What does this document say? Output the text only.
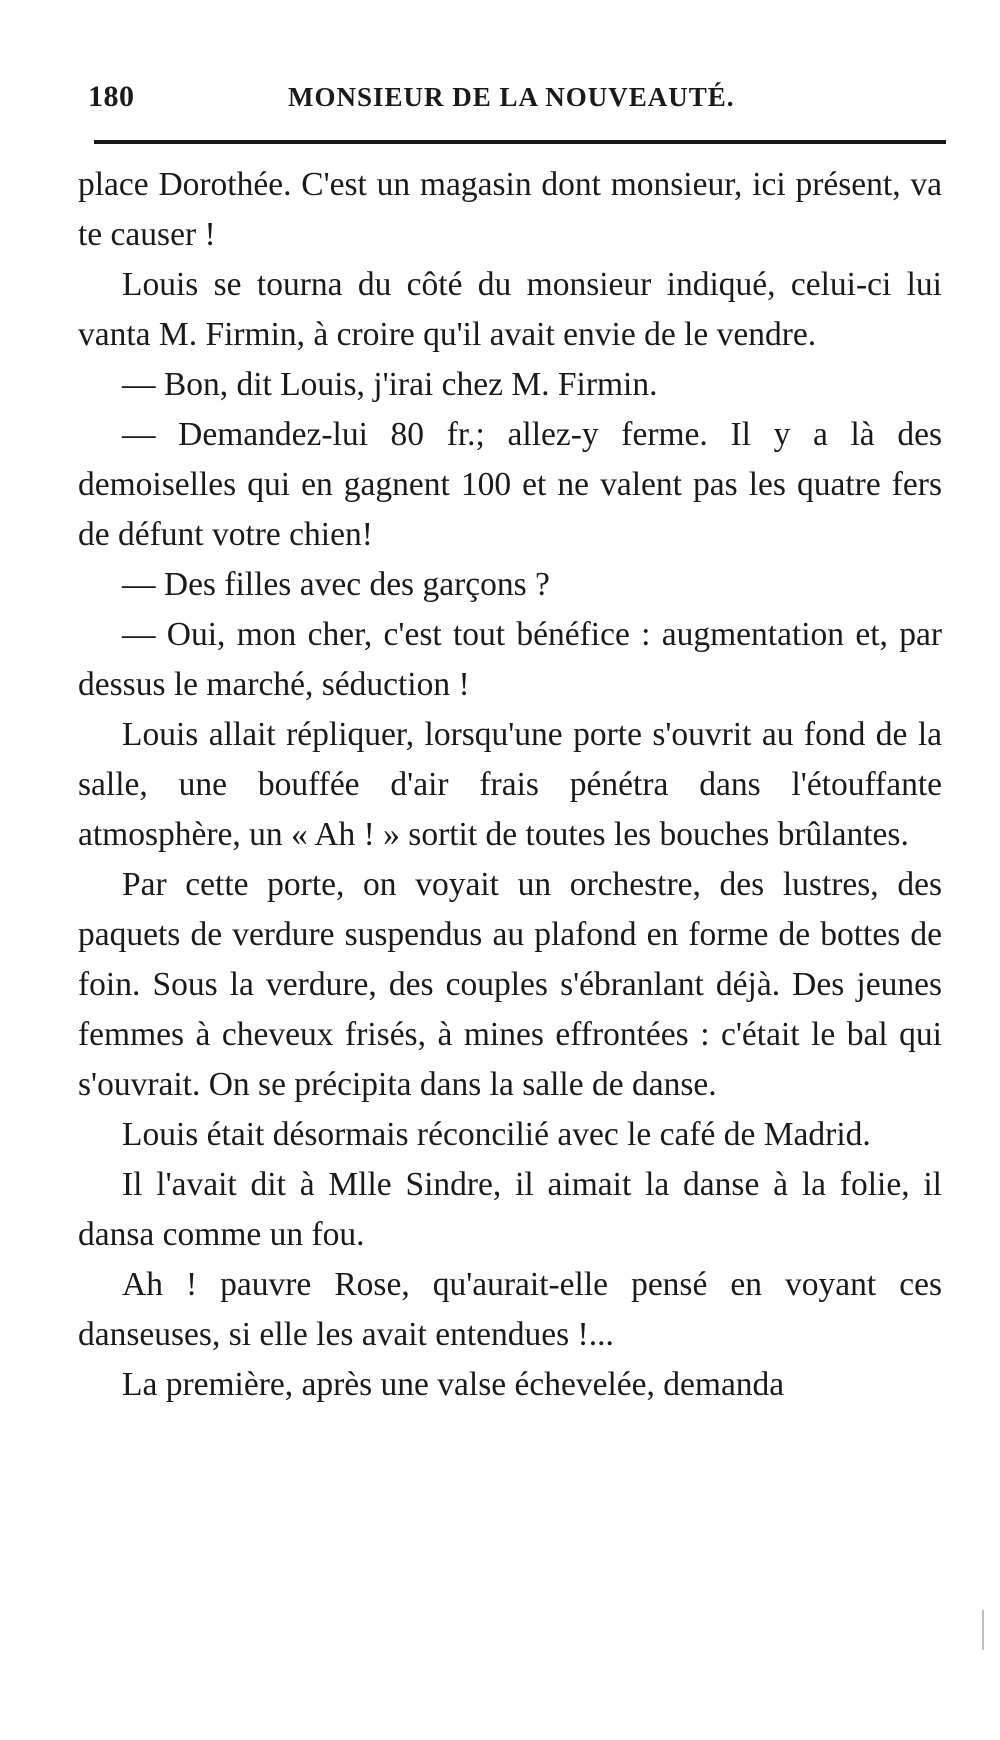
180	MONSIEUR DE LA NOUVEAUTÉ.

place Dorothée. C'est un magasin dont monsieur, ici présent, va te causer !

Louis se tourna du côté du monsieur indiqué, celui-ci lui vanta M. Firmin, à croire qu'il avait envie de le vendre.

— Bon, dit Louis, j'irai chez M. Firmin.

— Demandez-lui 80 fr.; allez-y ferme. Il y a là des demoiselles qui en gagnent 100 et ne valent pas les quatre fers de défunt votre chien!

— Des filles avec des garçons ?

— Oui, mon cher, c'est tout bénéfice : augmentation et, par dessus le marché, séduction !

Louis allait répliquer, lorsqu'une porte s'ouvrit au fond de la salle, une bouffée d'air frais pénétra dans l'étouffante atmosphère, un « Ah ! » sortit de toutes les bouches brûlantes.

Par cette porte, on voyait un orchestre, des lustres, des paquets de verdure suspendus au plafond en forme de bottes de foin. Sous la verdure, des couples s'ébranlant déjà. Des jeunes femmes à cheveux frisés, à mines effrontées : c'était le bal qui s'ouvrait. On se précipita dans la salle de danse.

Louis était désormais réconcilié avec le café de Madrid.

Il l'avait dit à Mlle Sindre, il aimait la danse à la folie, il dansa comme un fou.

Ah ! pauvre Rose, qu'aurait-elle pensé en voyant ces danseuses, si elle les avait entendues !...

La première, après une valse échevelée, demanda
